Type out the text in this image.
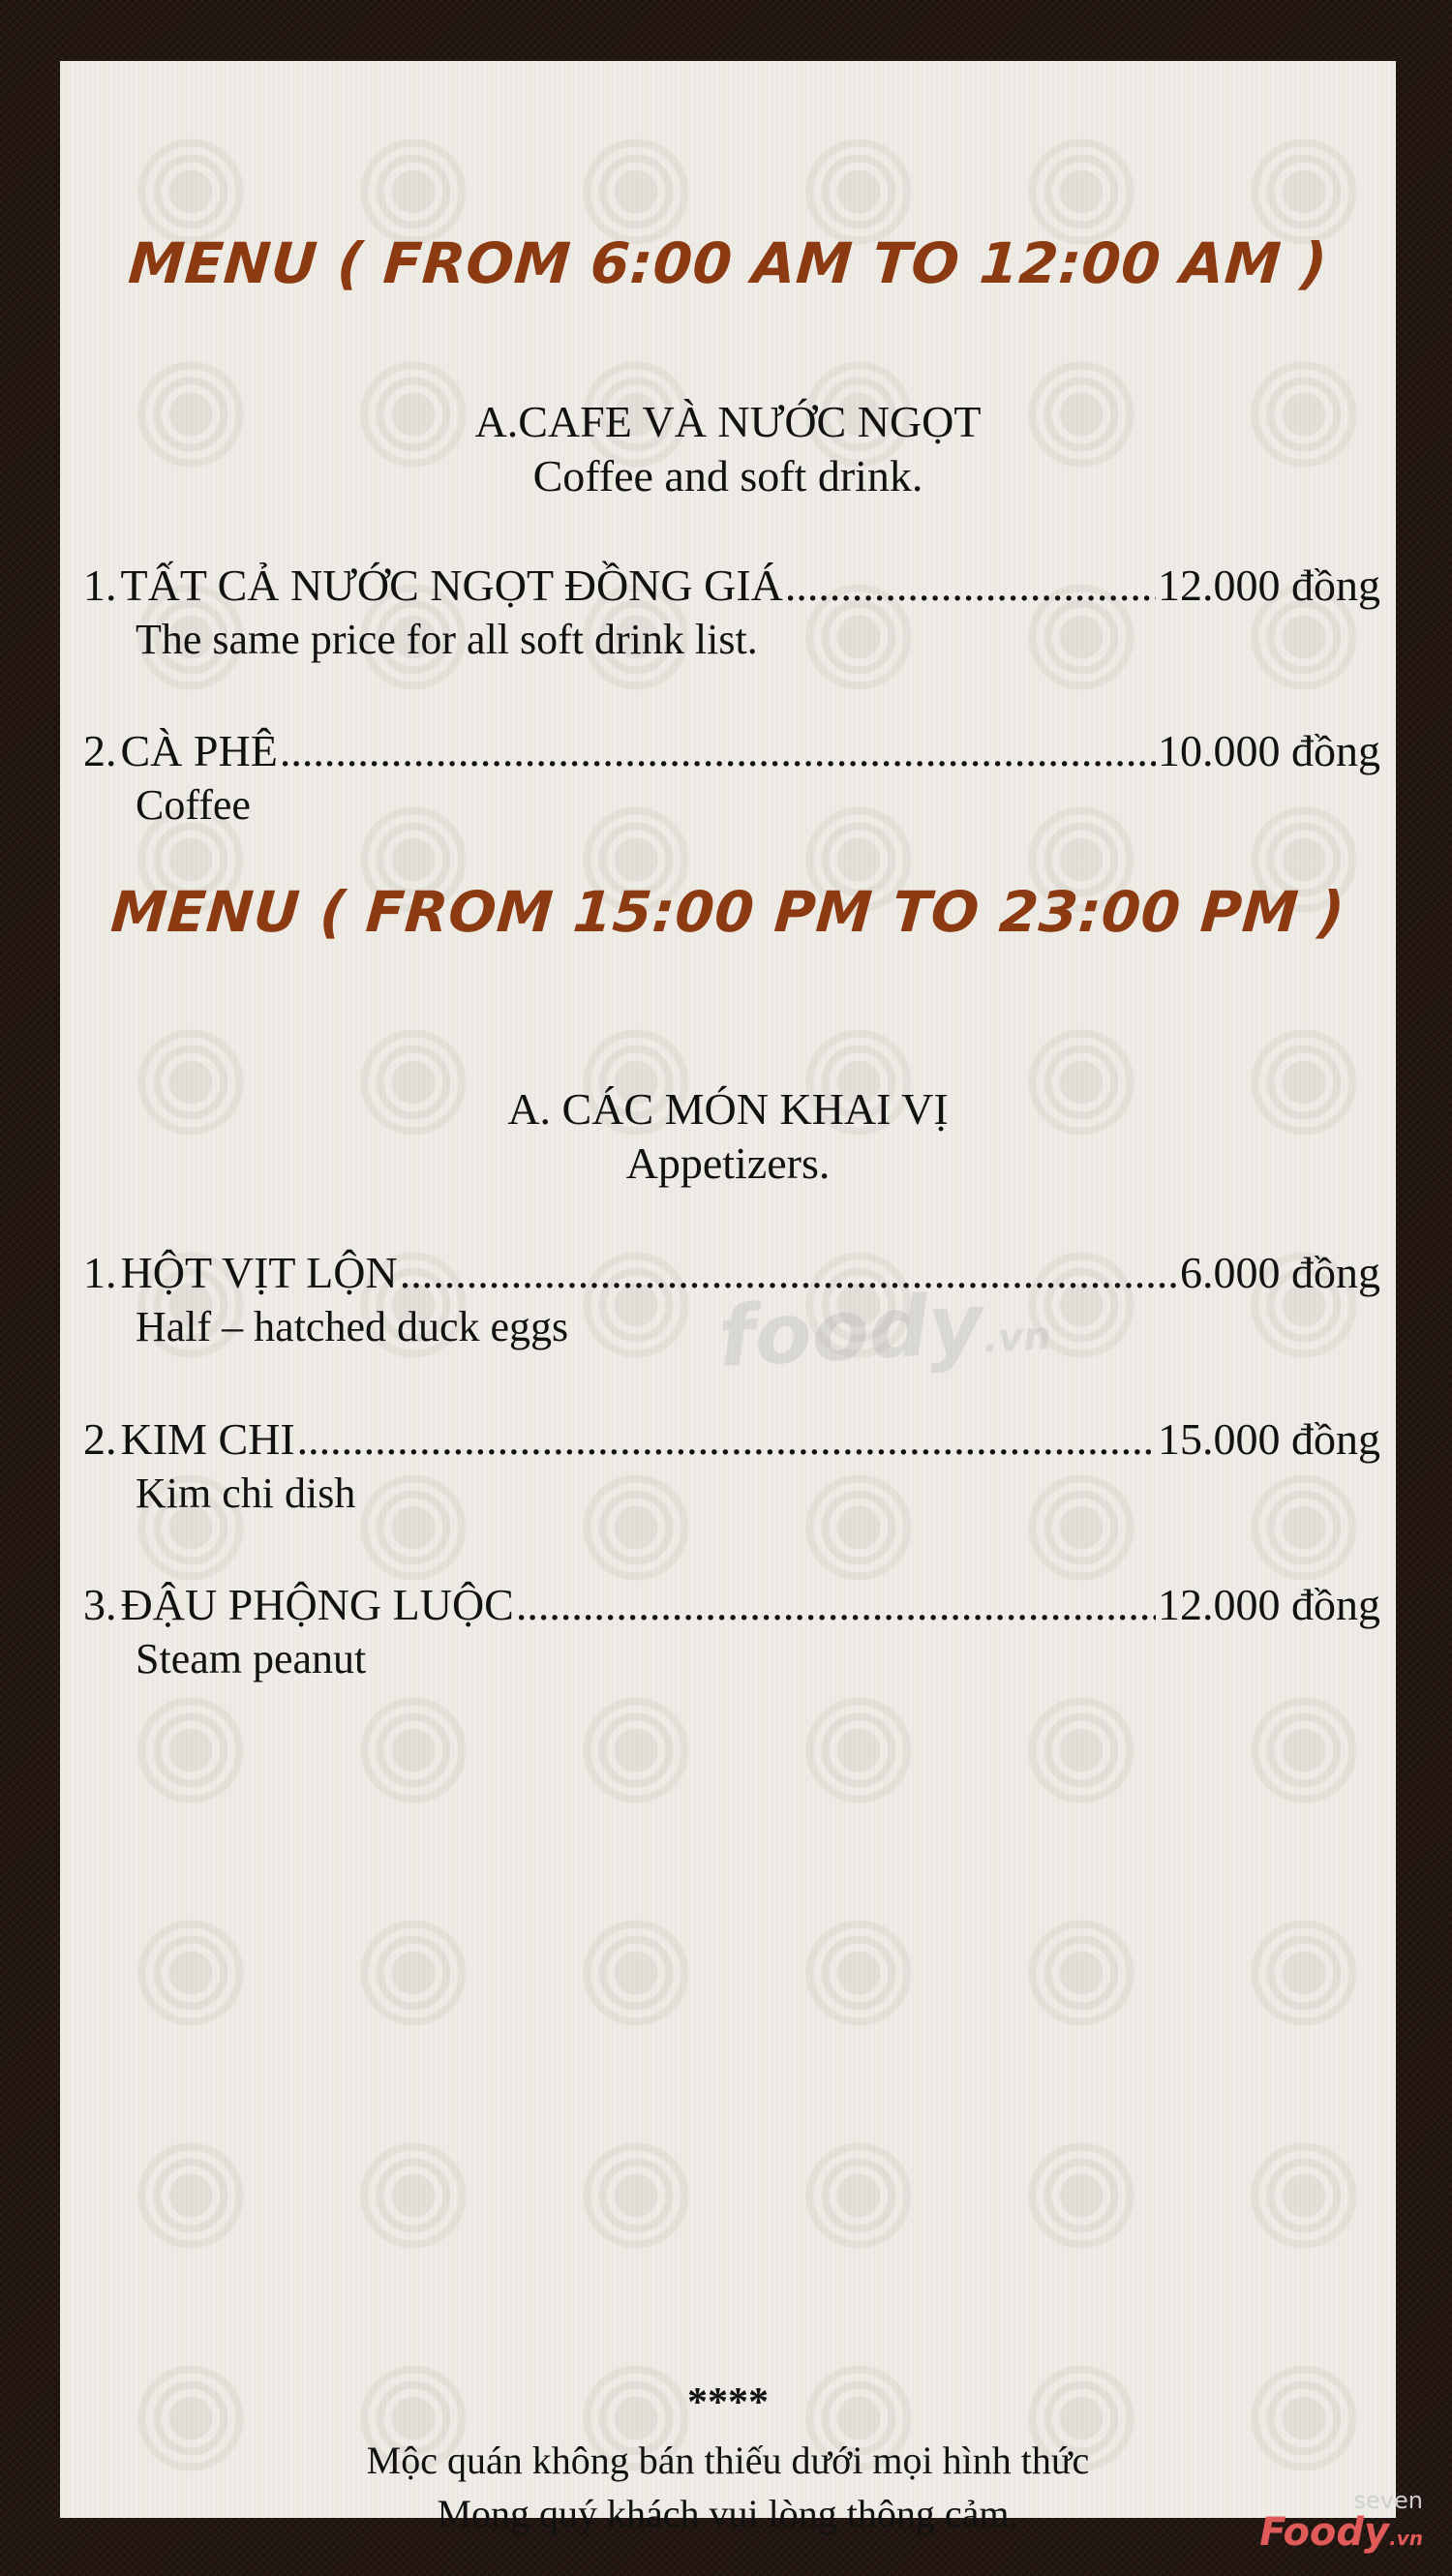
MENU ( FROM 6:00 AM TO 12:00 AM )
A.CAFE VÀ NƯỚC NGỌT
Coffee and soft drink.
1. TẤT CẢ NƯỚC NGỌT ĐỒNG GIÁ .....	12.000 đồng
The same price for all soft drink list.
2. CÀ PHÊ .....	10.000 đồng
Coffee
MENU ( FROM 15:00 PM TO 23:00 PM )
A. CÁC MÓN KHAI VỊ
Appetizers.
1. HỘT VỊT LỘN .....	6.000 đồng
Half – hatched duck eggs
2. KIM CHI .....	15.000 đồng
Kim chi dish
3. ĐẬU PHỘNG LUỘC .....	12.000 đồng
Steam peanut
foody.vn
****
Mộc quán không bán thiếu dưới mọi hình thức
Mong quý khách vui lòng thông cảm.	seven
Foody.vn
